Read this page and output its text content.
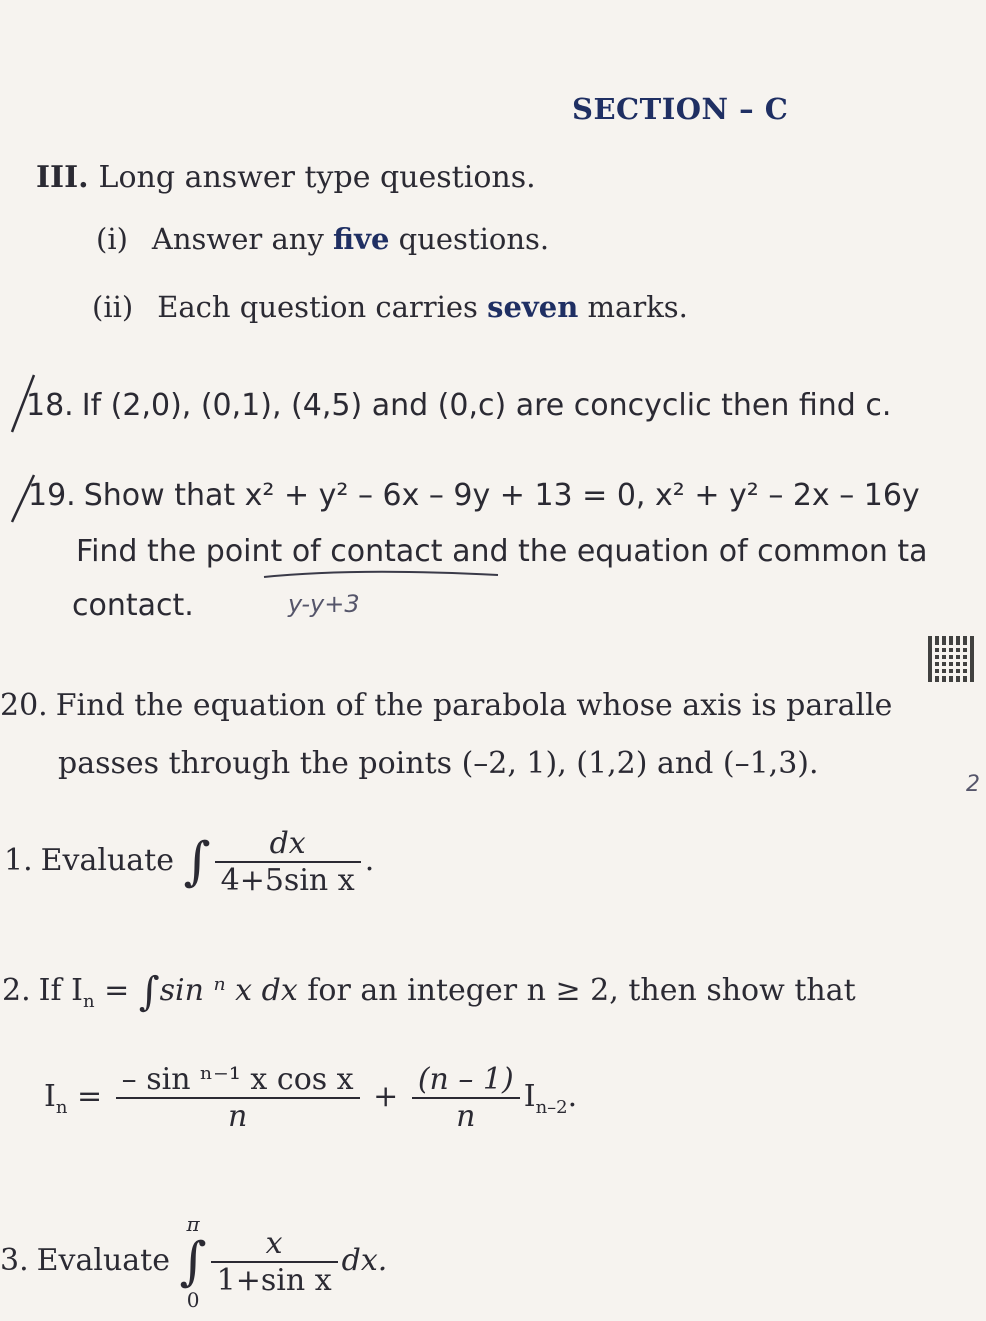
SECTION – C
III. Long answer type questions.
(i) Answer any five questions.
(ii) Each question carries seven marks.
18. If (2,0), (0,1), (4,5) and (0,c) are concyclic then find c.
19. Show that x² + y² – 6x – 9y + 13 = 0, x² + y² – 2x – 16y
Find the point of contact and the equation of common ta
contact.	y-y+3
20. Find the equation of the parabola whose axis is paralle
passes through the points (–2, 1), (1,2) and (–1,3).
2
1. Evaluate ∫ $\frac{dx}{\text{4+5sin x}}$ .
2. If $I_n = \int\sin$ ⁿ x dx for an integer n ≥ 2, then show that
$I_n = \frac{\text{– sin ⁿ⁻¹ x cos x}}{n} + \frac{(n - 1)}{n} I_{n-2}$.
3. Evaluate
π
∫
0
$\frac{x}{\text{1+sin x}}$ dx.
